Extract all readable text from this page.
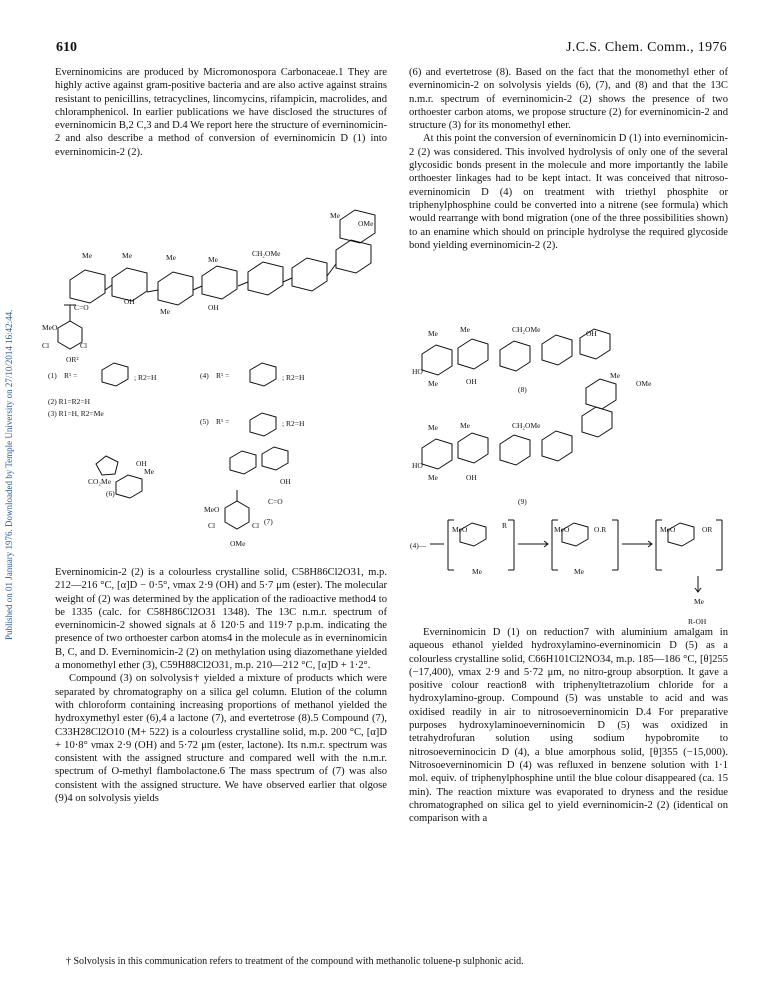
610	J.C.S. Chem. Comm., 1976
Published on 01 January 1976. Downloaded by Temple University on 27/10/2014 16:42:44.

Everninomicins are produced by Micromonospora Carbonaceae.1 They are highly active against gram-positive bacteria and are also active against strains resistant to penicillins, tetracyclines, lincomycins, rifampicin, macrolides, and chloramphenicol. In earlier publications we have disclosed the structures of everninomicin B,2 C,3 and D.4 We report here the structure of everninomicin-2 and also describe a method of conversion of everninomicin D (1) into everninomicin-2 (2).

Me	Me	Me	Me
CH₂OMe
Me
OMe
C=O
MeO
Cl	Cl
OR²
OH
OH
Me
(1) R¹ =	; R2=H	(4) R¹ =	; R2=H
(2) R1=R2=H
(3) R1=H, R2=Me
(5) R¹ =	; R2=H
(6)
CO₂Me
OH
Me
C=O
OH
(7)
MeO
Cl	Cl
OMe

Everninomicin-2 (2) is a colourless crystalline solid, C58H86Cl2O31, m.p. 212—216 °C, [α]D − 0·5°, νmax 2·9 (OH) and 5·7 μm (ester). The molecular weight of (2) was determined by the application of the radioactive method4 to be 1335 (calc. for C58H86Cl2O31 1348). The 13C n.m.r. spectrum of everninomicin-2 showed signals at δ 120·5 and 119·7 p.p.m. indicating the presence of two orthoester carbon atoms4 in the molecule as in everninomicin B, C, and D. Everninomicin-2 (2) on methylation using diazomethane yielded a monomethyl ether (3), C59H88Cl2O31, m.p. 210—212 °C, [α]D + 1·2°.

Compound (3) on solvolysis† yielded a mixture of products which were separated by chromatography on a silica gel column. Elution of the column with chloroform containing increasing proportions of methanol yielded the hydroxymethyl ester (6),4 a lactone (7), and evertetrose (8).5 Compound (7), C33H28Cl2O10 (M+ 522) is a colourless crystalline solid, m.p. 200 °C, [α]D + 10·8° νmax 2·9 (OH) and 5·72 μm (ester, lactone). Its n.m.r. spectrum was consistent with the assigned structure and compared well with the n.m.r. spectrum of O-methyl flambolactone.6 The mass spectrum of (7) was also consistent with the assigned structure. We have observed earlier that olgose (9)4 on solvolysis yields

(6) and evertetrose (8). Based on the fact that the monomethyl ether of everninomicin-2 on solvolysis yields (6), (7), and (8) and that the 13C n.m.r. spectrum of everninomicin-2 (2) shows the presence of two orthoester carbon atoms, we propose structure (2) for everninomicin-2 and structure (3) for its monomethyl ether.

At this point the conversion of everninomicin D (1) into everninomicin-2 (2) was considered. This involved hydrolysis of only one of the several glycosidic bonds present in the molecule and more importantly the labile orthoester linkages had to be kept intact. It was conceived that nitroso-everninomicin D (4) on treatment with triethyl phosphite or triphenylphosphine could be converted into a nitrene (see formula) which would rearrange with bond migration (one of the three possibilities shown) to an enamine which should on principle hydrolyse the required glycoside bond yielding everninomicin-2 (2).

Me	Me	CH₂OMe
HO
Me	OH
OH
(8)
Me
OMe
Me	Me	CH₂OMe
HO
Me	OH
(9)
(4)—
MeO
Me
R	MeO	O.R
Me
MeO	OR
Me
R-OH

Everninomicin D (1) on reduction7 with aluminium amalgam in aqueous ethanol yielded hydroxylamino-everninomicin D (5) as a colourless crystalline solid, C66H101Cl2NO34, m.p. 185—186 °C, [θ]255 (−17,400), νmax 2·9 and 5·72 μm, no nitro-group absorption. It gave a positive colour reaction8 with triphenyltetrazolium chloride for a hydroxylamino-group. Compound (5) was unstable to acid and was oxidised readily in air to nitrosoeverninomicin D.4 For preparative purposes hydroxylaminoeverninomicin D (5) was oxidized in tetrahydrofuran solution using sodium hypobromite to nitrosoeverninocicin D (4), a blue amorphous solid, [θ]355 (−15,000). Nitrosoeverninomicin D (4) was refluxed in benzene solution with 1·1 mol. equiv. of triphenylphosphine until the blue colour disappeared (ca. 15 min). The reaction mixture was evaporated to dryness and the residue chromatographed on silica gel to yield everninomicin-2 (2) (identical on comparison with a

† Solvolysis in this communication refers to treatment of the compound with methanolic toluene-p sulphonic acid.
